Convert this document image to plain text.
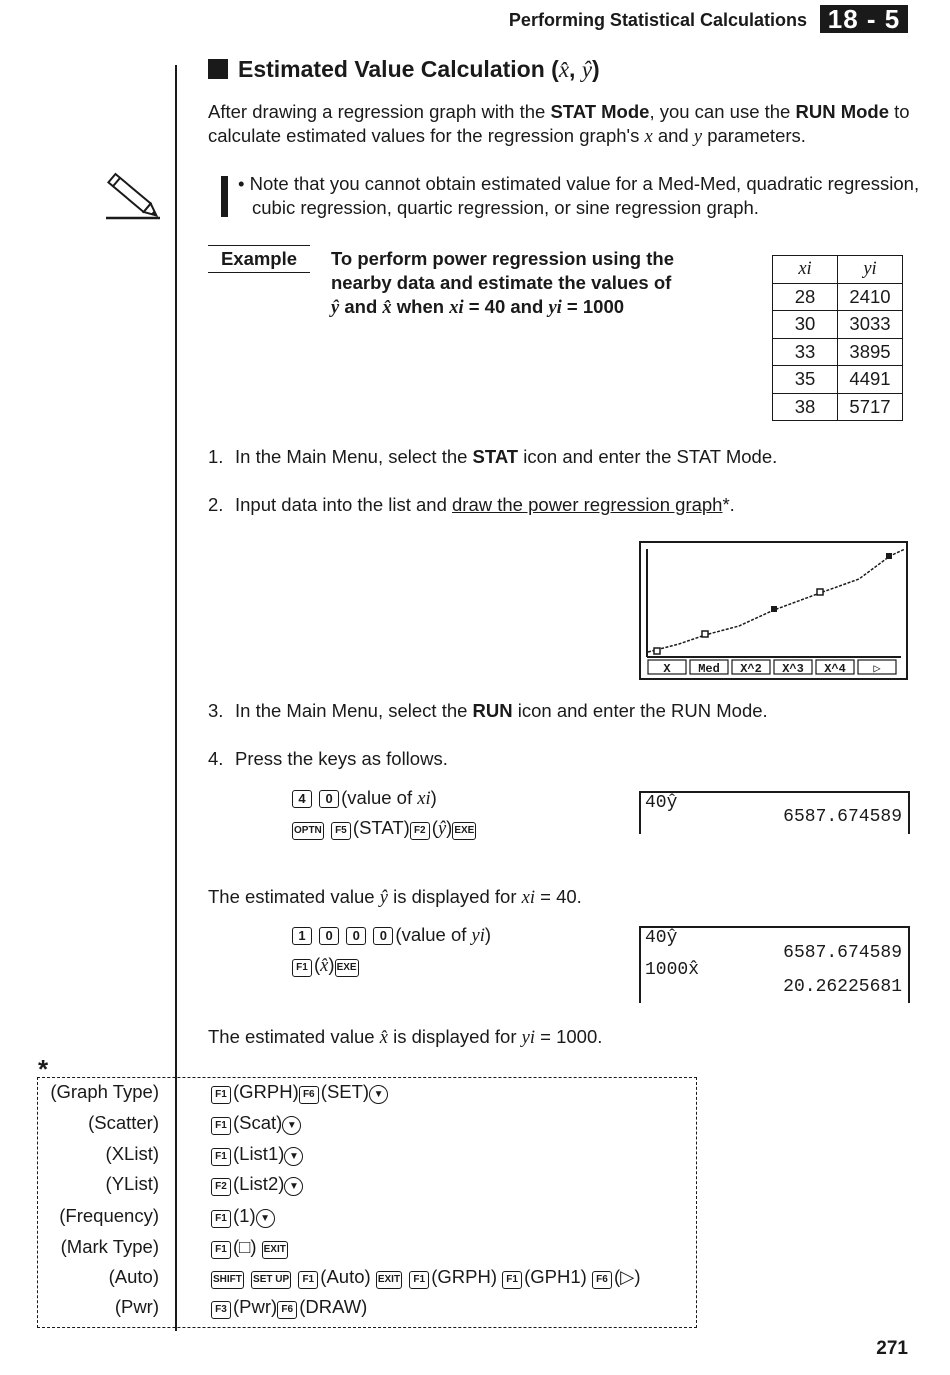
Performing Statistical Calculations 18 - 5
Estimated Value Calculation (x̂, ŷ)
After drawing a regression graph with the STAT Mode, you can use the RUN Mode to calculate estimated values for the regression graph's x and y parameters.
• Note that you cannot obtain estimated value for a Med-Med, quadratic regression, cubic regression, quartic regression, or sine regression graph.
Example	To perform power regression using the nearby data and estimate the values of
ŷ and x̂ when xi = 40 and yi = 1000
xi	yi
28	2410
30	3033
33	3895
35	4491
38	5717
1. In the Main Menu, select the STAT icon and enter the STAT Mode.
2. Input data into the list and draw the power regression graph*.
X Med X^2 X^3 X^4 ▷
3. In the Main Menu, select the RUN icon and enter the RUN Mode.
4. Press the keys as follows.
4 0 (value of xi)
OPTN F5 (STAT) F2 (ŷ) EXE
40ŷ
6587.674589
The estimated value ŷ is displayed for xi = 40.
1 0 0 0 (value of yi)
F1 (x̂) EXE
40ŷ
6587.674589
1000x̂
20.26225681
The estimated value x̂ is displayed for yi = 1000.
*
(Graph Type)	F1 (GRPH) F6 (SET) ▼
(Scatter)	F1 (Scat) ▼
(XList)	F1 (List1) ▼
(YList)	F2 (List2) ▼
(Frequency)	F1 (1) ▼
(Mark Type)	F1 (□) EXIT
(Auto)	SHIFT SET UP F1 (Auto) EXIT F1 (GRPH) F1 (GPH1) F6 (▷)
(Pwr)	F3 (Pwr) F6 (DRAW)
271
